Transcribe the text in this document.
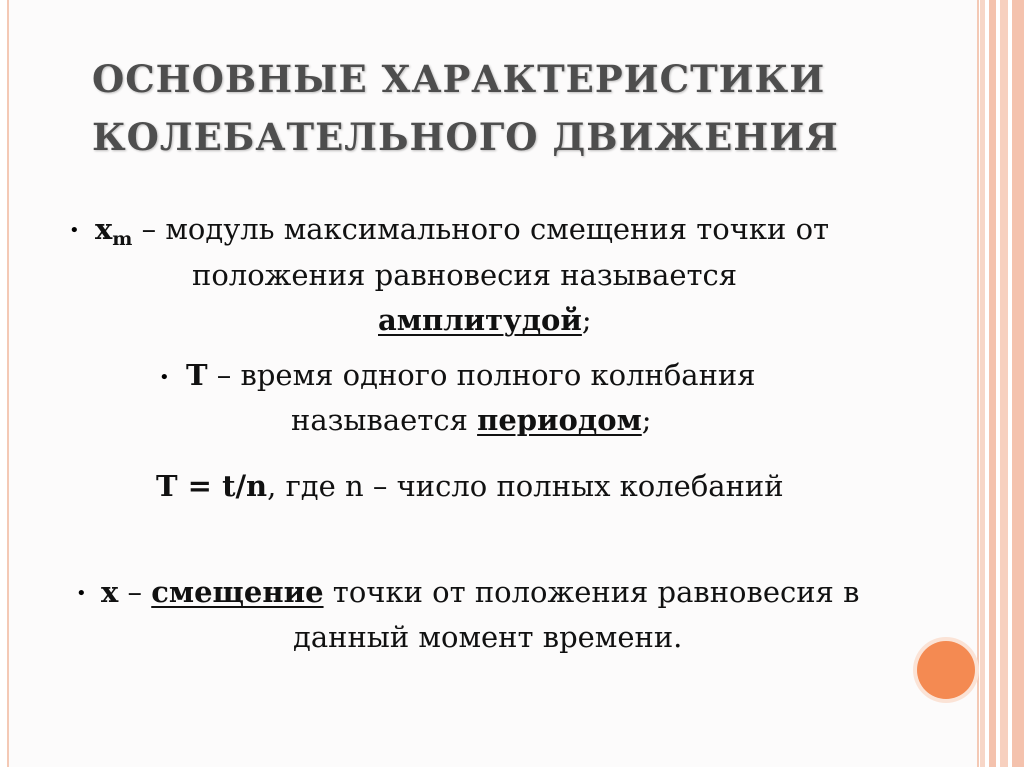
ОСНОВНЫЕ ХАРАКТЕРИСТИКИ
КОЛЕБАТЕЛЬНОГО ДВИЖЕНИЯ
• $x_m$ – модуль максимального смещения точки от
положения равновесия называется
амплитудой;
• T – время одного полного колнбания
называется периодом;
T = t/n, где n – число полных колебаний
• x – смещение точки от положения равновесия в
данный момент времени.
